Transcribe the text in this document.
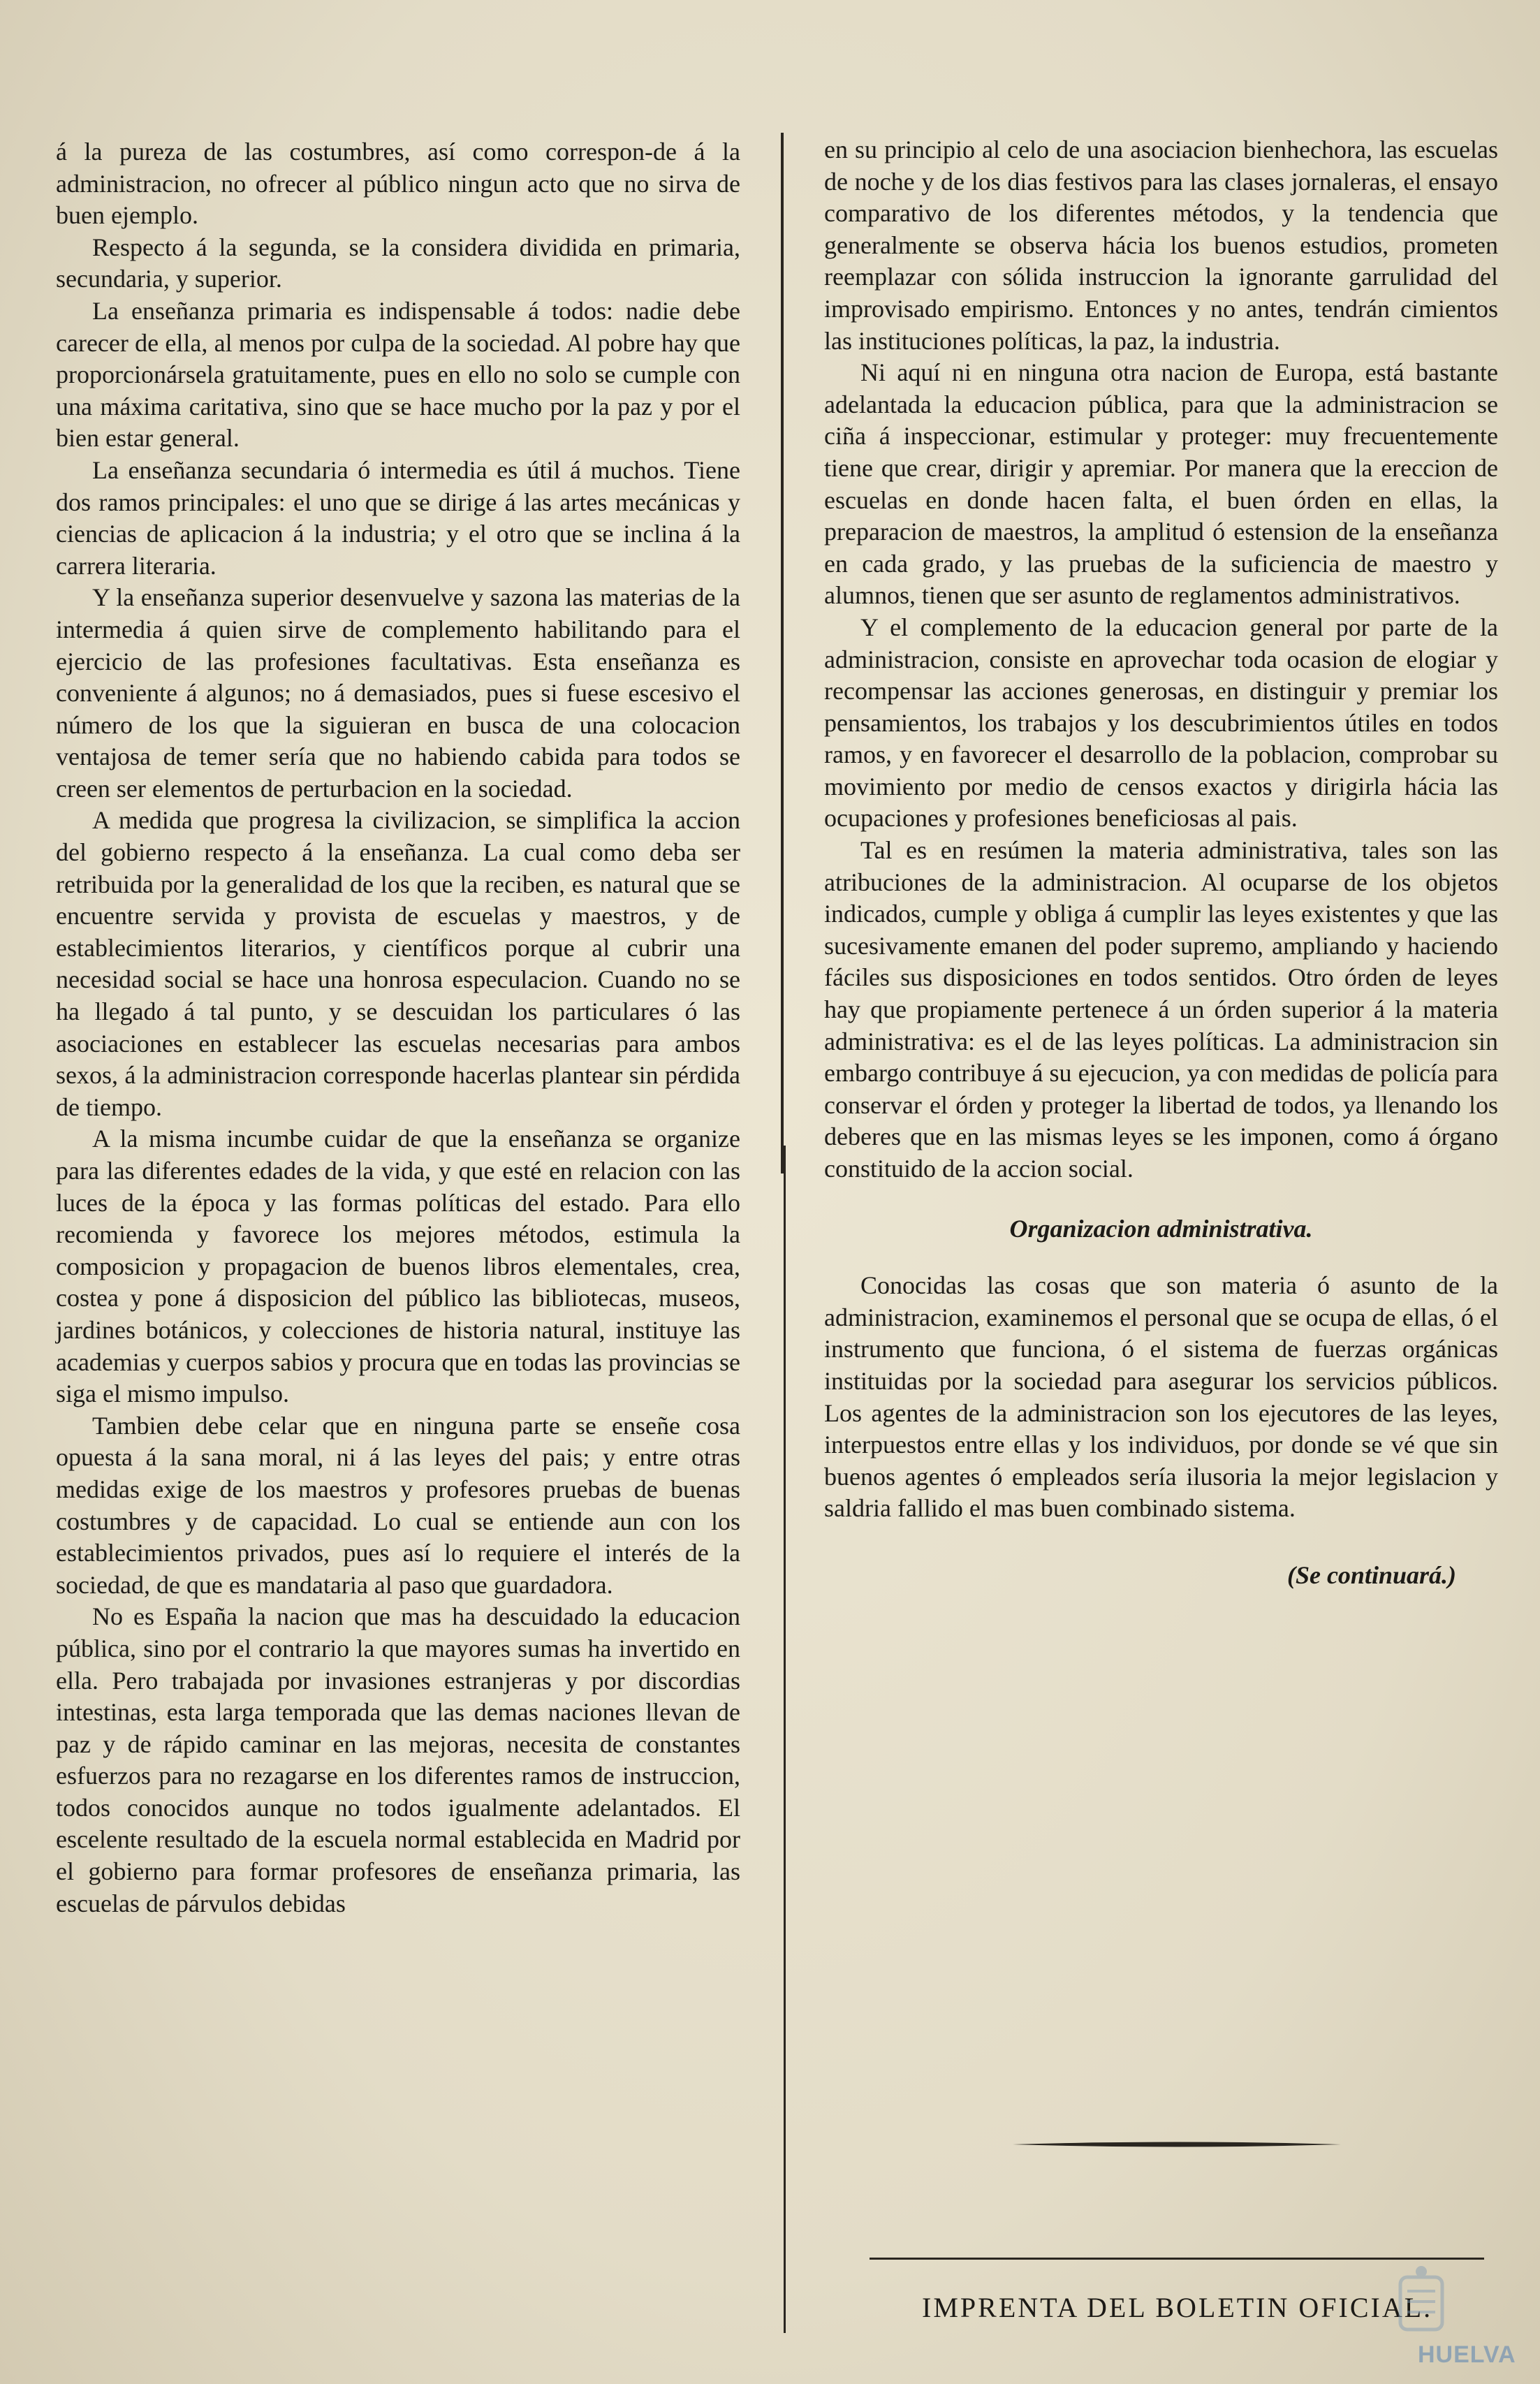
á la pureza de las costumbres, así como correspon-de á la administracion, no ofrecer al público ningun acto que no sirva de buen ejemplo.

Respecto á la segunda, se la considera dividida en primaria, secundaria, y superior.

La enseñanza primaria es indispensable á todos: nadie debe carecer de ella, al menos por culpa de la sociedad. Al pobre hay que proporcionársela gratuitamente, pues en ello no solo se cumple con una máxima caritativa, sino que se hace mucho por la paz y por el bien estar general.

La enseñanza secundaria ó intermedia es útil á muchos. Tiene dos ramos principales: el uno que se dirige á las artes mecánicas y ciencias de aplicacion á la industria; y el otro que se inclina á la carrera literaria.

Y la enseñanza superior desenvuelve y sazona las materias de la intermedia á quien sirve de complemento habilitando para el ejercicio de las profesiones facultativas. Esta enseñanza es conveniente á algunos; no á demasiados, pues si fuese escesivo el número de los que la siguieran en busca de una colocacion ventajosa de temer sería que no habiendo cabida para todos se creen ser elementos de perturbacion en la sociedad.

A medida que progresa la civilizacion, se simplifica la accion del gobierno respecto á la enseñanza. La cual como deba ser retribuida por la generalidad de los que la reciben, es natural que se encuentre servida y provista de escuelas y maestros, y de establecimientos literarios, y científicos porque al cubrir una necesidad social se hace una honrosa especulacion. Cuando no se ha llegado á tal punto, y se descuidan los particulares ó las asociaciones en establecer las escuelas necesarias para ambos sexos, á la administracion corresponde hacerlas plantear sin pérdida de tiempo.

A la misma incumbe cuidar de que la enseñanza se organize para las diferentes edades de la vida, y que esté en relacion con las luces de la época y las formas políticas del estado. Para ello recomienda y favorece los mejores métodos, estimula la composicion y propagacion de buenos libros elementales, crea, costea y pone á disposicion del público las bibliotecas, museos, jardines botánicos, y colecciones de historia natural, instituye las academias y cuerpos sabios y procura que en todas las provincias se siga el mismo impulso.

Tambien debe celar que en ninguna parte se enseñe cosa opuesta á la sana moral, ni á las leyes del pais; y entre otras medidas exige de los maestros y profesores pruebas de buenas costumbres y de capacidad. Lo cual se entiende aun con los establecimientos privados, pues así lo requiere el interés de la sociedad, de que es mandataria al paso que guardadora.

No es España la nacion que mas ha descuidado la educacion pública, sino por el contrario la que mayores sumas ha invertido en ella. Pero trabajada por invasiones estranjeras y por discordias intestinas, esta larga temporada que las demas naciones llevan de paz y de rápido caminar en las mejoras, necesita de constantes esfuerzos para no rezagarse en los diferentes ramos de instruccion, todos conocidos aunque no todos igualmente adelantados. El escelente resultado de la escuela normal establecida en Madrid por el gobierno para formar profesores de enseñanza primaria, las escuelas de párvulos debidas

en su principio al celo de una asociacion bienhechora, las escuelas de noche y de los dias festivos para las clases jornaleras, el ensayo comparativo de los diferentes métodos, y la tendencia que generalmente se observa hácia los buenos estudios, prometen reemplazar con sólida instruccion la ignorante garrulidad del improvisado empirismo. Entonces y no antes, tendrán cimientos las instituciones políticas, la paz, la industria.

Ni aquí ni en ninguna otra nacion de Europa, está bastante adelantada la educacion pública, para que la administracion se ciña á inspeccionar, estimular y proteger: muy frecuentemente tiene que crear, dirigir y apremiar. Por manera que la ereccion de escuelas en donde hacen falta, el buen órden en ellas, la preparacion de maestros, la amplitud ó estension de la enseñanza en cada grado, y las pruebas de la suficiencia de maestro y alumnos, tienen que ser asunto de reglamentos administrativos.

Y el complemento de la educacion general por parte de la administracion, consiste en aprovechar toda ocasion de elogiar y recompensar las acciones generosas, en distinguir y premiar los pensamientos, los trabajos y los descubrimientos útiles en todos ramos, y en favorecer el desarrollo de la poblacion, comprobar su movimiento por medio de censos exactos y dirigirla hácia las ocupaciones y profesiones beneficiosas al pais.

Tal es en resúmen la materia administrativa, tales son las atribuciones de la administracion. Al ocuparse de los objetos indicados, cumple y obliga á cumplir las leyes existentes y que las sucesivamente emanen del poder supremo, ampliando y haciendo fáciles sus disposiciones en todos sentidos. Otro órden de leyes hay que propiamente pertenece á un órden superior á la materia administrativa: es el de las leyes políticas. La administracion sin embargo contribuye á su ejecucion, ya con medidas de policía para conservar el órden y proteger la libertad de todos, ya llenando los deberes que en las mismas leyes se les imponen, como á órgano constituido de la accion social.

Organizacion administrativa.

Conocidas las cosas que son materia ó asunto de la administracion, examinemos el personal que se ocupa de ellas, ó el instrumento que funciona, ó el sistema de fuerzas orgánicas instituidas por la sociedad para asegurar los servicios públicos. Los agentes de la administracion son los ejecutores de las leyes, interpuestos entre ellas y los individuos, por donde se vé que sin buenos agentes ó empleados sería ilusoria la mejor legislacion y saldria fallido el mas buen combinado sistema.

(Se continuará.)

IMPRENTA DEL BOLETIN OFICIAL.
HUELVA
